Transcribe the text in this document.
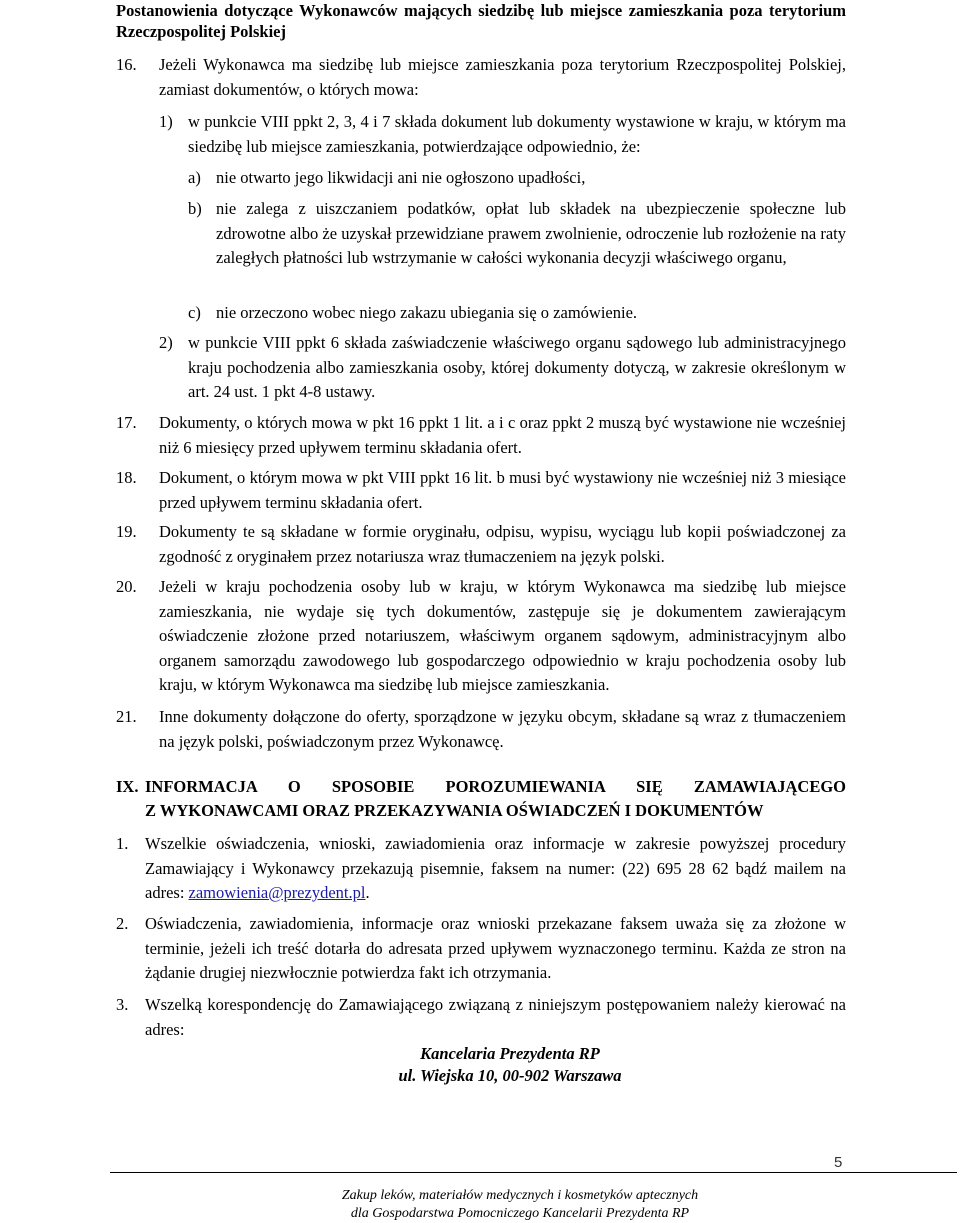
Postanowienia dotyczące Wykonawców mających siedzibę lub miejsce zamieszkania poza terytorium Rzeczpospolitej Polskiej
16.	Jeżeli Wykonawca ma siedzibę lub miejsce zamieszkania poza terytorium Rzeczpospolitej Polskiej, zamiast dokumentów, o których mowa:
1) w punkcie VIII ppkt 2, 3, 4 i 7 składa dokument lub dokumenty wystawione w kraju, w którym ma siedzibę lub miejsce zamieszkania, potwierdzające odpowiednio, że:
a) nie otwarto jego likwidacji ani nie ogłoszono upadłości,
b) nie zalega z uiszczaniem podatków, opłat lub składek na ubezpieczenie społeczne lub zdrowotne albo że uzyskał przewidziane prawem zwolnienie, odroczenie lub rozłożenie na raty zaległych płatności lub wstrzymanie w całości wykonania decyzji właściwego organu,
c) nie orzeczono wobec niego zakazu ubiegania się o zamówienie.
2) w punkcie VIII ppkt 6 składa zaświadczenie właściwego organu sądowego lub administracyjnego kraju pochodzenia albo zamieszkania osoby, której dokumenty dotyczą, w zakresie określonym w art. 24 ust. 1 pkt 4-8 ustawy.
17.	Dokumenty, o których mowa w pkt 16 ppkt 1 lit. a i c oraz ppkt 2 muszą być wystawione nie wcześniej niż 6 miesięcy przed upływem terminu składania ofert.
18.	Dokument, o którym mowa w pkt VIII ppkt 16 lit. b musi być wystawiony nie wcześniej niż 3 miesiące przed upływem terminu składania ofert.
19.	Dokumenty te są składane w formie oryginału, odpisu, wypisu, wyciągu lub kopii poświadczonej za zgodność z oryginałem przez notariusza wraz tłumaczeniem na język polski.
20.	Jeżeli w kraju pochodzenia osoby lub w kraju, w którym Wykonawca ma siedzibę lub miejsce zamieszkania, nie wydaje się tych dokumentów, zastępuje się je dokumentem zawierającym oświadczenie złożone przed notariuszem, właściwym organem sądowym, administracyjnym albo organem samorządu zawodowego lub gospodarczego odpowiednio w kraju pochodzenia osoby lub kraju, w którym Wykonawca ma siedzibę lub miejsce zamieszkania.
21.	Inne dokumenty dołączone do oferty, sporządzone w języku obcym, składane są wraz z tłumaczeniem na język polski, poświadczonym przez Wykonawcę.
IX. INFORMACJA O SPOSOBIE POROZUMIEWANIA SIĘ ZAMAWIAJĄCEGO
Z WYKONAWCAMI ORAZ PRZEKAZYWANIA OŚWIADCZEŃ I DOKUMENTÓW
1.	Wszelkie oświadczenia, wnioski, zawiadomienia oraz informacje w zakresie powyższej procedury Zamawiający i Wykonawcy przekazują pisemnie, faksem na numer: (22) 695 28 62 bądź mailem na adres: zamowienia@prezydent.pl.
2.	Oświadczenia, zawiadomienia, informacje oraz wnioski przekazane faksem uważa się za złożone w terminie, jeżeli ich treść dotarła do adresata przed upływem wyznaczonego terminu. Każda ze stron na żądanie drugiej niezwłocznie potwierdza fakt ich otrzymania.
3.	Wszelką korespondencję do Zamawiającego związaną z niniejszym postępowaniem należy kierować na adres:
Kancelaria Prezydenta RP
ul. Wiejska 10, 00-902 Warszawa
5
Zakup leków, materiałów medycznych i kosmetyków aptecznych
dla Gospodarstwa Pomocniczego Kancelarii Prezydenta RP
